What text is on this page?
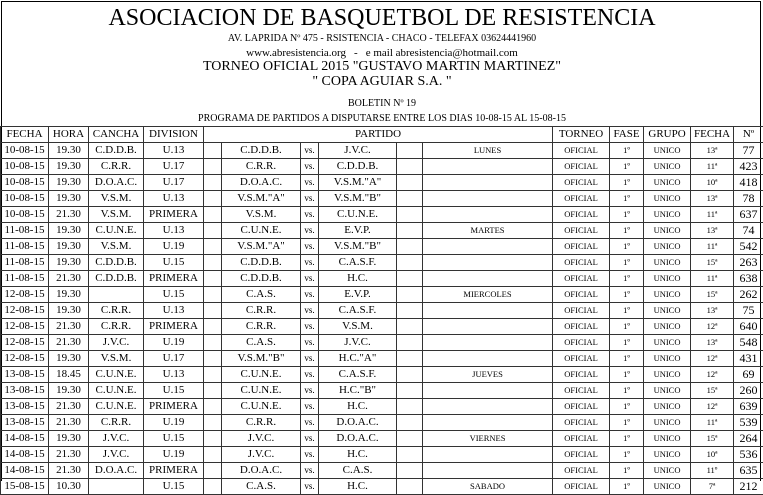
ASOCIACION DE BASQUETBOL DE RESISTENCIA
AV. LAPRIDA Nº 475 - RSISTENCIA - CHACO - TELEFAX 03624441960
www.abresistencia.org - e mail abresistencia@hotmail.com
TORNEO OFICIAL 2015 "GUSTAVO MARTIN MARTINEZ"
" COPA AGUIAR S.A. "
BOLETIN Nº 19
PROGRAMA DE PARTIDOS A DISPUTARSE ENTRE LOS DIAS 10-08-15 AL 15-08-15
FECHA	HORA	CANCHA	DIVISION	PARTIDO						TORNEO	FASE	GRUPO	FECHA	Nº
10-08-15	19.30	C.D.D.B.	U.13		C.D.D.B.	vs.	J.V.C.		LUNES	OFICIAL	1º	UNICO	13ª	77
10-08-15	19.30	C.R.R.	U.17		C.R.R.	vs.	C.D.D.B.			OFICIAL	1º	UNICO	11ª	423
10-08-15	19.30	D.O.A.C.	U.17		D.O.A.C.	vs.	V.S.M."A"			OFICIAL	1º	UNICO	10ª	418
10-08-15	19.30	V.S.M.	U.13		V.S.M."A"	vs.	V.S.M."B"			OFICIAL	1º	UNICO	13ª	78
10-08-15	21.30	V.S.M.	PRIMERA		V.S.M.	vs.	C.U.N.E.			OFICIAL	1º	UNICO	11ª	637
11-08-15	19.30	C.U.N.E.	U.13		C.U.N.E.	vs.	E.V.P.		MARTES	OFICIAL	1º	UNICO	13ª	74
11-08-15	19.30	V.S.M.	U.19		V.S.M."A"	vs.	V.S.M."B"			OFICIAL	1º	UNICO	11ª	542
11-08-15	19.30	C.D.D.B.	U.15		C.D.D.B.	vs.	C.A.S.F.			OFICIAL	1º	UNICO	15ª	263
11-08-15	21.30	C.D.D.B.	PRIMERA		C.D.D.B.	vs.	H.C.			OFICIAL	1º	UNICO	11ª	638
12-08-15	19.30		U.15		C.A.S.	vs.	E.V.P.		MIERCOLES	OFICIAL	1º	UNICO	15ª	262
12-08-15	19.30	C.R.R.	U.13		C.R.R.	vs.	C.A.S.F.			OFICIAL	1º	UNICO	13ª	75
12-08-15	21.30	C.R.R.	PRIMERA		C.R.R.	vs.	V.S.M.			OFICIAL	1º	UNICO	12ª	640
12-08-15	21.30	J.V.C.	U.19		C.A.S.	vs.	J.V.C.			OFICIAL	1º	UNICO	13ª	548
12-08-15	19.30	V.S.M.	U.17		V.S.M."B"	vs.	H.C."A"			OFICIAL	1º	UNICO	12ª	431
13-08-15	18.45	C.U.N.E.	U.13		C.U.N.E.	vs.	C.A.S.F.		JUEVES	OFICIAL	1º	UNICO	12ª	69
13-08-15	19.30	C.U.N.E.	U.15		C.U.N.E.	vs.	H.C."B"			OFICIAL	1º	UNICO	15ª	260
13-08-15	21.30	C.U.N.E.	PRIMERA		C.U.N.E.	vs.	H.C.			OFICIAL	1º	UNICO	12ª	639
13-08-15	21.30	C.R.R.	U.19		C.R.R.	vs.	D.O.A.C.			OFICIAL	1º	UNICO	11ª	539
14-08-15	19.30	J.V.C.	U.15		J.V.C.	vs.	D.O.A.C.		VIERNES	OFICIAL	1º	UNICO	15ª	264
14-08-15	21.30	J.V.C.	U.19		J.V.C.	vs.	H.C.			OFICIAL	1º	UNICO	10ª	536
14-08-15	21.30	D.O.A.C.	PRIMERA		D.O.A.C.	vs.	C.A.S.			OFICIAL	1º	UNICO	11º	635
15-08-15	10.30		U.15		C.A.S.	vs.	H.C.		SABADO	OFICIAL	1º	UNICO	7ª	212
